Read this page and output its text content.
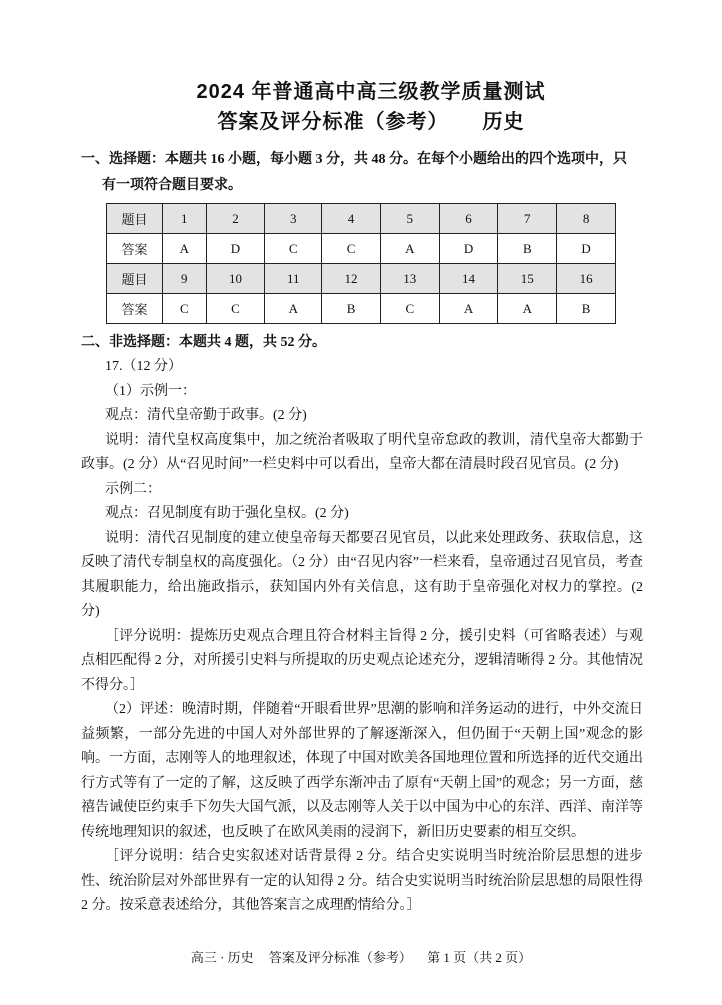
2024 年普通高中高三级教学质量测试
答案及评分标准（参考） 历史
一、选择题：本题共 16 小题，每小题 3 分，共 48 分。在每个小题给出的四个选项中，只
有一项符合题目要求。
题目	1	2	3	4	5	6	7	8
答案	A	D	C	C	A	D	B	D
题目	9	10	11	12	13	14	15	16
答案	C	C	A	B	C	A	A	B
二、非选择题：本题共 4 题，共 52 分。

17.（12 分）

（1）示例一：

观点：清代皇帝勤于政事。(2 分)

说明：清代皇权高度集中，加之统治者吸取了明代皇帝怠政的教训，清代皇帝大都勤于政事。(2 分）从“召见时间”一栏史料中可以看出，皇帝大都在清晨时段召见官员。(2 分)

示例二：

观点：召见制度有助于强化皇权。(2 分)

说明：清代召见制度的建立使皇帝每天都要召见官员，以此来处理政务、获取信息，这反映了清代专制皇权的高度强化。（2 分）由“召见内容”一栏来看，皇帝通过召见官员，考查其履职能力，给出施政指示，获知国内外有关信息，这有助于皇帝强化对权力的掌控。(2 分)

［评分说明：提炼历史观点合理且符合材料主旨得 2 分，援引史料（可省略表述）与观点相匹配得 2 分，对所援引史料与所提取的历史观点论述充分，逻辑清晰得 2 分。其他情况不得分。］

（2）评述：晚清时期，伴随着“开眼看世界”思潮的影响和洋务运动的进行，中外交流日益频繁，一部分先进的中国人对外部世界的了解逐渐深入，但仍囿于“天朝上国”观念的影响。一方面，志刚等人的地理叙述，体现了中国对欧美各国地理位置和所选择的近代交通出行方式等有了一定的了解，这反映了西学东渐冲击了原有“天朝上国”的观念；另一方面，慈禧告诫使臣约束手下勿失大国气派，以及志刚等人关于以中国为中心的东洋、西洋、南洋等传统地理知识的叙述，也反映了在欧风美雨的浸润下，新旧历史要素的相互交织。

［评分说明：结合史实叙述对话背景得 2 分。结合史实说明当时统治阶层思想的进步性、统治阶层对外部世界有一定的认知得 2 分。结合史实说明当时统治阶层思想的局限性得 2 分。按采意表述给分，其他答案言之成理酌情给分。］

高三 · 历史 答案及评分标准（参考） 第 1 页（共 2 页）
